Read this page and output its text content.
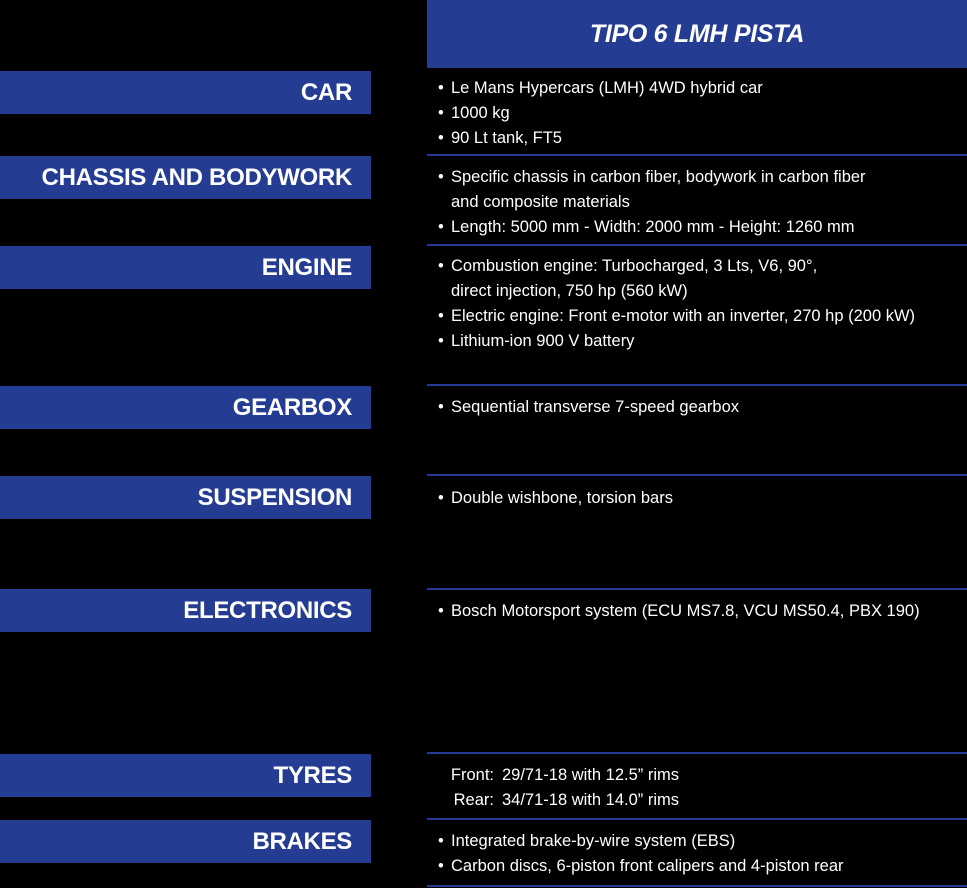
TIPO 6 LMH PISTA
CAR	• Le Mans Hypercars (LMH) 4WD hybrid car
• 1000 kg
• 90 Lt tank, FT5
CHASSIS AND BODYWORK	• Specific chassis in carbon fiber, bodywork in carbon fiber
and composite materials
• Length: 5000 mm - Width: 2000 mm - Height: 1260 mm
ENGINE	• Combustion engine: Turbocharged, 3 Lts, V6, 90°,
direct injection, 750 hp (560 kW)
• Electric engine: Front e-motor with an inverter, 270 hp (200 kW)
• Lithium-ion 900 V battery
GEARBOX	• Sequential transverse 7-speed gearbox
SUSPENSION	• Double wishbone, torsion bars
ELECTRONICS	• Bosch Motorsport system (ECU MS7.8, VCU MS50.4, PBX 190)
TYRES	Front: 29/71-18 with 12.5” rims
Rear: 34/71-18 with 14.0” rims
BRAKES	• Integrated brake-by-wire system (EBS)
• Carbon discs, 6-piston front calipers and 4-piston rear
